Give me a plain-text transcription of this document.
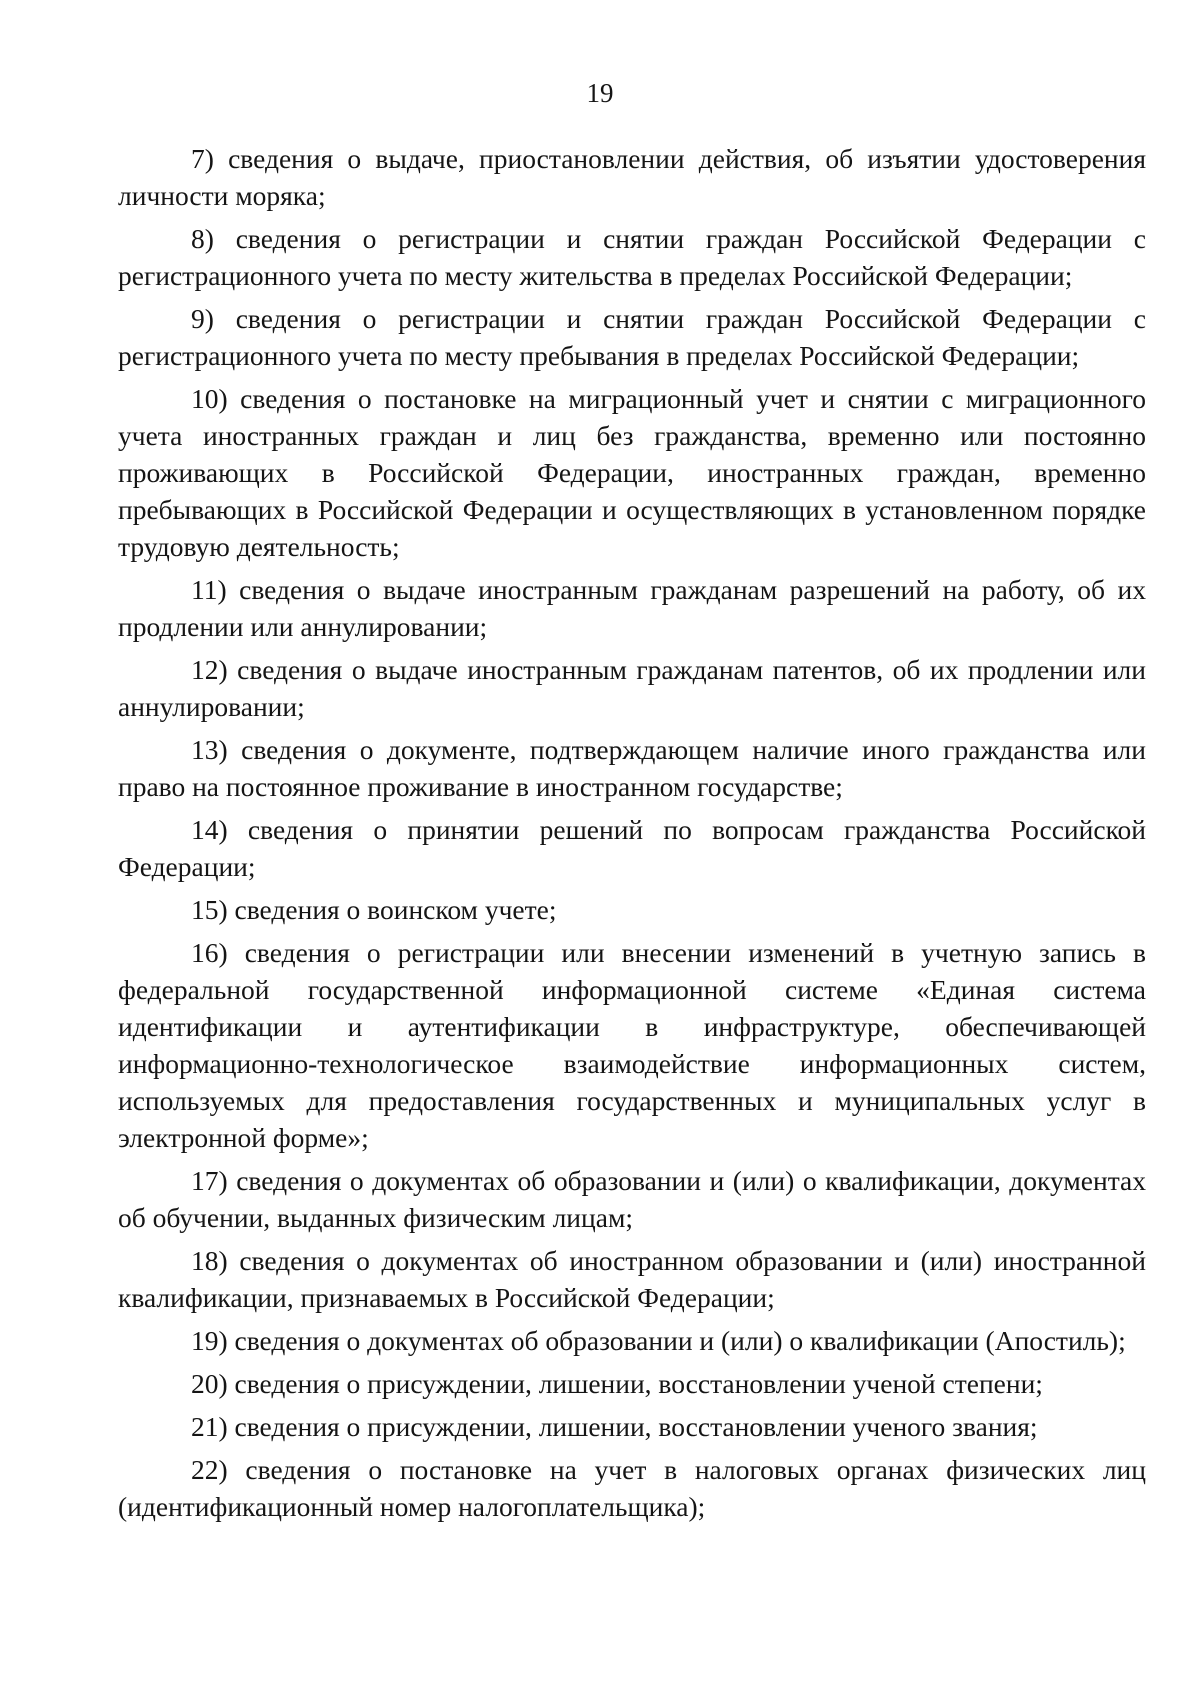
19

7) сведения о выдаче, приостановлении действия, об изъятии удостоверения личности моряка;

8) сведения о регистрации и снятии граждан Российской Федерации с регистрационного учета по месту жительства в пределах Российской Федерации;

9) сведения о регистрации и снятии граждан Российской Федерации с регистрационного учета по месту пребывания в пределах Российской Федерации;

10) сведения о постановке на миграционный учет и снятии с миграционного учета иностранных граждан и лиц без гражданства, временно или постоянно проживающих в Российской Федерации, иностранных граждан, временно пребывающих в Российской Федерации и осуществляющих в установленном порядке трудовую деятельность;

11) сведения о выдаче иностранным гражданам разрешений на работу, об их продлении или аннулировании;

12) сведения о выдаче иностранным гражданам патентов, об их продлении или аннулировании;

13) сведения о документе, подтверждающем наличие иного гражданства или право на постоянное проживание в иностранном государстве;

14) сведения о принятии решений по вопросам гражданства Российской Федерации;

15) сведения о воинском учете;

16) сведения о регистрации или внесении изменений в учетную запись в федеральной государственной информационной системе «Единая система идентификации и аутентификации в инфраструктуре, обеспечивающей информационно-технологическое взаимодействие информационных систем, используемых для предоставления государственных и муниципальных услуг в электронной форме»;

17) сведения о документах об образовании и (или) о квалификации, документах об обучении, выданных физическим лицам;

18) сведения о документах об иностранном образовании и (или) иностранной квалификации, признаваемых в Российской Федерации;

19) сведения о документах об образовании и (или) о квалификации (Апостиль);

20) сведения о присуждении, лишении, восстановлении ученой степени;

21) сведения о присуждении, лишении, восстановлении ученого звания;

22) сведения о постановке на учет в налоговых органах физических лиц (идентификационный номер налогоплательщика);
